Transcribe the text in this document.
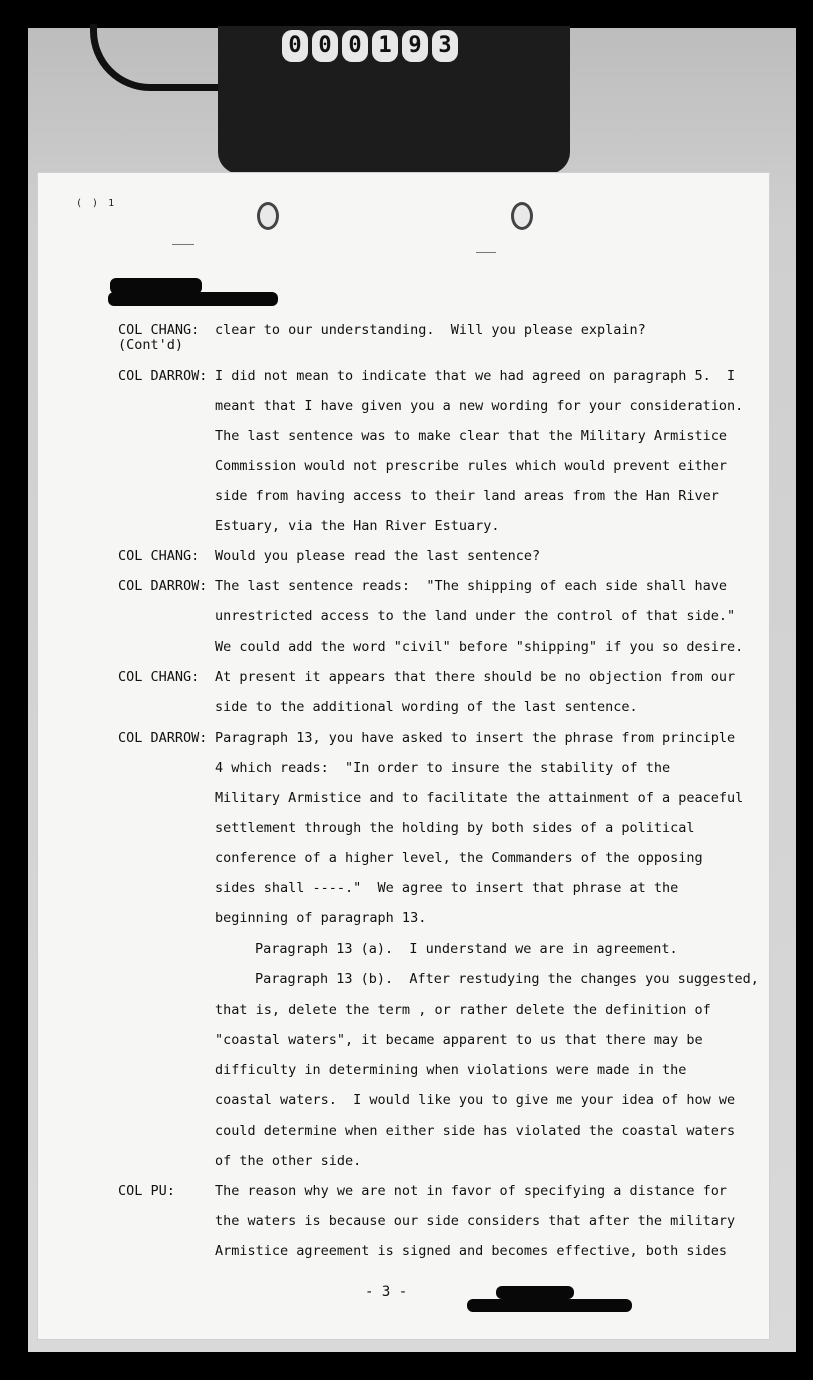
0 0 0 1 9 3
( ) 1
COL CHANG:
(Cont'd)
clear to our understanding.  Will you please explain?
COL DARROW: I did not mean to indicate that we had agreed on paragraph 5.  I
meant that I have given you a new wording for your consideration.
The last sentence was to make clear that the Military Armistice
Commission would not prescribe rules which would prevent either
side from having access to their land areas from the Han River
Estuary, via the Han River Estuary.
COL CHANG: Would you please read the last sentence?
COL DARROW: The last sentence reads:  "The shipping of each side shall have
unrestricted access to the land under the control of that side."
We could add the word "civil" before "shipping" if you so desire.
COL CHANG: At present it appears that there should be no objection from our
side to the additional wording of the last sentence.
COL DARROW: Paragraph 13, you have asked to insert the phrase from principle
4 which reads:  "In order to insure the stability of the
Military Armistice and to facilitate the attainment of a peaceful
settlement through the holding by both sides of a political
conference of a higher level, the Commanders of the opposing
sides shall ----."  We agree to insert that phrase at the
beginning of paragraph 13.
Paragraph 13 (a).  I understand we are in agreement.
Paragraph 13 (b).  After restudying the changes you suggested,
that is, delete the term , or rather delete the definition of
"coastal waters", it became apparent to us that there may be
difficulty in determining when violations were made in the
coastal waters.  I would like you to give me your idea of how we
could determine when either side has violated the coastal waters
of the other side.
COL PU:	The reason why we are not in favor of specifying a distance for
the waters is because our side considers that after the military
Armistice agreement is signed and becomes effective, both sides
- 3 -
